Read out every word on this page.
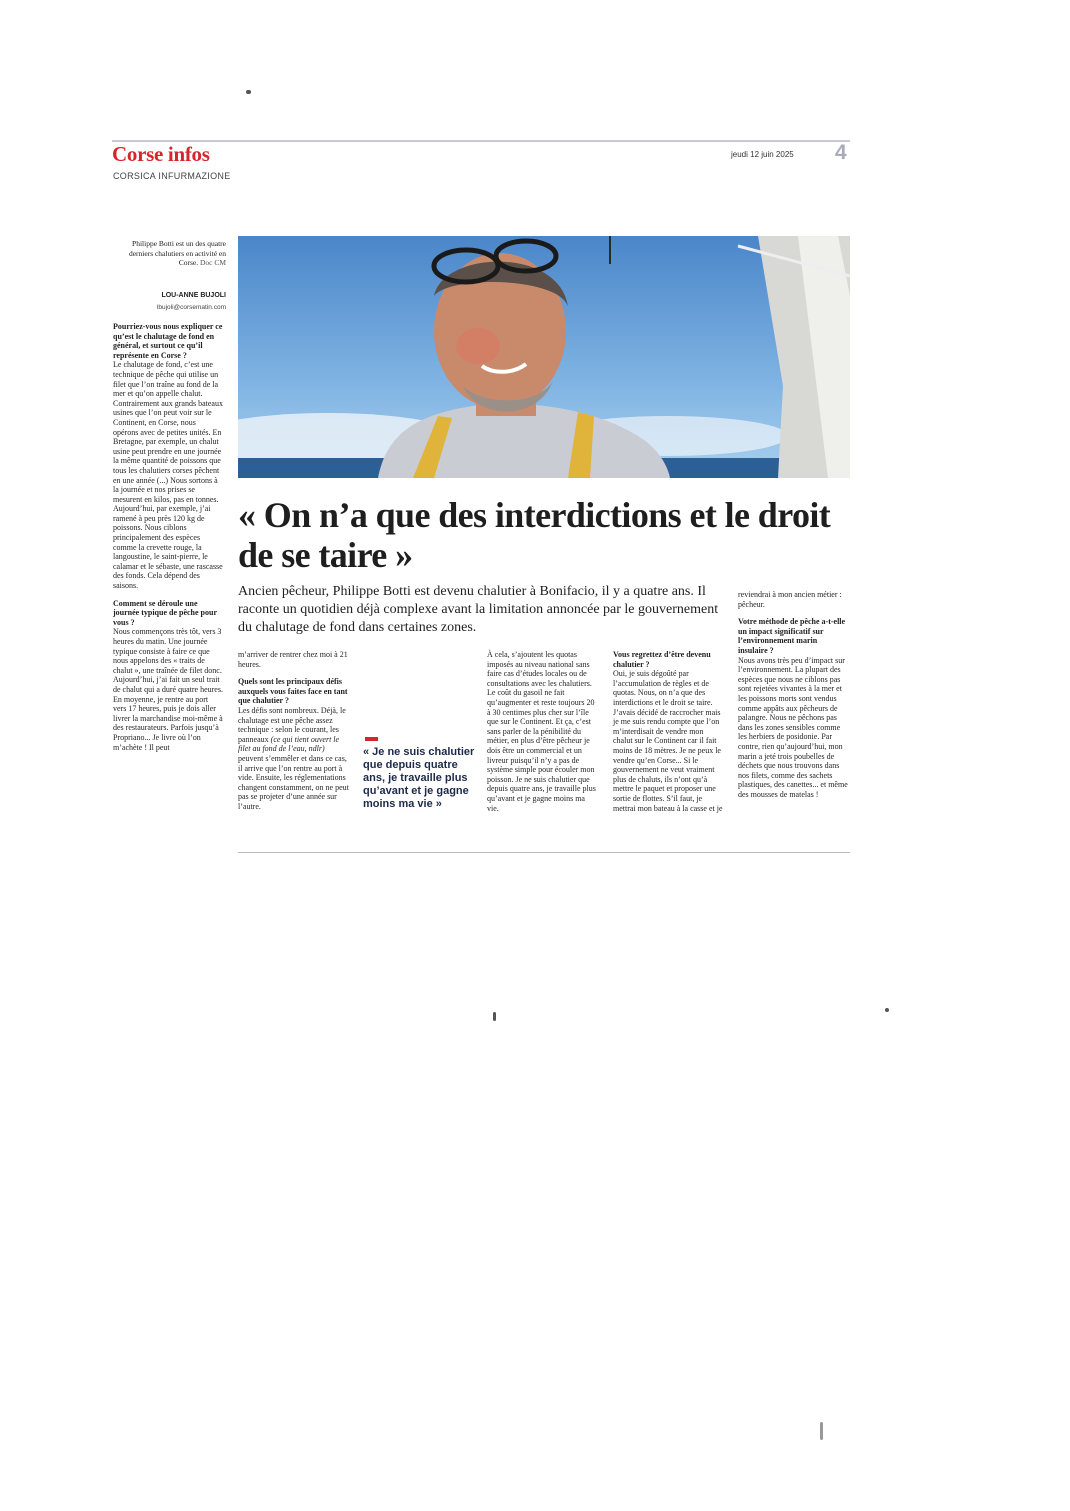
Corse infos
CORSICA INFURMAZIONE
jeudi 12 juin 2025 4
Philippe Botti est un des quatre derniers chalutiers en activité en Corse. Doc CM
LOU-ANNE BUJOLI
lbujoli@corsematin.com
« On n’a que des interdictions et le droit de se taire »
Ancien pêcheur, Philippe Botti est devenu chalutier à Bonifacio, il y a quatre ans. Il raconte un quotidien déjà complexe avant la limitation annoncée par le gouvernement du chalutage de fond dans certaines zones.
« Je ne suis chalutier que depuis quatre ans, je travaille plus qu’avant et je gagne moins ma vie »

Pourriez-vous nous expliquer ce qu’est le chalutage de fond en général, et surtout ce qu’il représente en Corse ?

Le chalutage de fond, c’est une technique de pêche qui utilise un filet que l’on traîne au fond de la mer et qu’on appelle chalut. Contrairement aux grands bateaux usines que l’on peut voir sur le Continent, en Corse, nous opérons avec de petites unités. En Bretagne, par exemple, un chalut usine peut prendre en une journée la même quantité de poissons que tous les chalutiers corses pêchent en une année (...) Nous sortons à la journée et nos prises se mesurent en kilos, pas en tonnes. Aujourd’hui, par exemple, j’ai ramené à peu près 120 kg de poissons. Nous ciblons principalement des espèces comme la crevette rouge, la langoustine, le saint-pierre, le calamar et le sébaste, une rascasse des fonds. Cela dépend des saisons.

Comment se déroule une journée typique de pêche pour vous ?

Nous commençons très tôt, vers 3 heures du matin. Une journée typique consiste à faire ce que nous appelons des « traits de chalut », une traînée de filet donc. Aujourd’hui, j’ai fait un seul trait de chalut qui a duré quatre heures. En moyenne, je rentre au port vers 17 heures, puis je dois aller livrer la marchandise moi-même à des restaurateurs. Parfois jusqu’à Propriano... Je livre où l’on m’achète ! Il peut

m’arriver de rentrer chez moi à 21 heures.

Quels sont les principaux défis auxquels vous faites face en tant que chalutier ?

Les défis sont nombreux. Déjà, le chalutage est une pêche assez technique : selon le courant, les panneaux (ce qui tient ouvert le filet au fond de l’eau, ndlr) peuvent s’emmêler et dans ce cas, il arrive que l’on rentre au port à vide. Ensuite, les réglementations changent constamment, on ne peut pas se projeter d’une année sur l’autre.

À cela, s’ajoutent les quotas imposés au niveau national sans faire cas d’études locales ou de consultations avec les chalutiers. Le coût du gasoil ne fait qu’augmenter et reste toujours 20 à 30 centimes plus cher sur l’île que sur le Continent. Et ça, c’est sans parler de la pénibilité du métier, en plus d’être pêcheur je dois être un commercial et un livreur puisqu’il n’y a pas de système simple pour écouler mon poisson. Je ne suis chalutier que depuis quatre ans, je travaille plus qu’avant et je gagne moins ma vie.

Vous regrettez d’être devenu chalutier ?

Oui, je suis dégoûté par l’accumulation de règles et de quotas. Nous, on n’a que des interdictions et le droit se taire. J’avais décidé de raccrocher mais je me suis rendu compte que l’on m’interdisait de vendre mon chalut sur le Continent car il fait moins de 18 mètres. Je ne peux le vendre qu’en Corse... Si le gouvernement ne veut vraiment plus de chaluts, ils n’ont qu’à mettre le paquet et proposer une sortie de flottes. S’il faut, je mettrai mon bateau à la casse et je

reviendrai à mon ancien métier : pêcheur.

Votre méthode de pêche a-t-elle un impact significatif sur l’environnement marin insulaire ?

Nous avons très peu d’impact sur l’environnement. La plupart des espèces que nous ne ciblons pas sont rejetées vivantes à la mer et les poissons morts sont vendus comme appâts aux pêcheurs de palangre. Nous ne pêchons pas dans les zones sensibles comme les herbiers de posidonie. Par contre, rien qu’aujourd’hui, mon marin a jeté trois poubelles de déchets que nous trouvons dans nos filets, comme des sachets plastiques, des canettes... et même des mousses de matelas !
